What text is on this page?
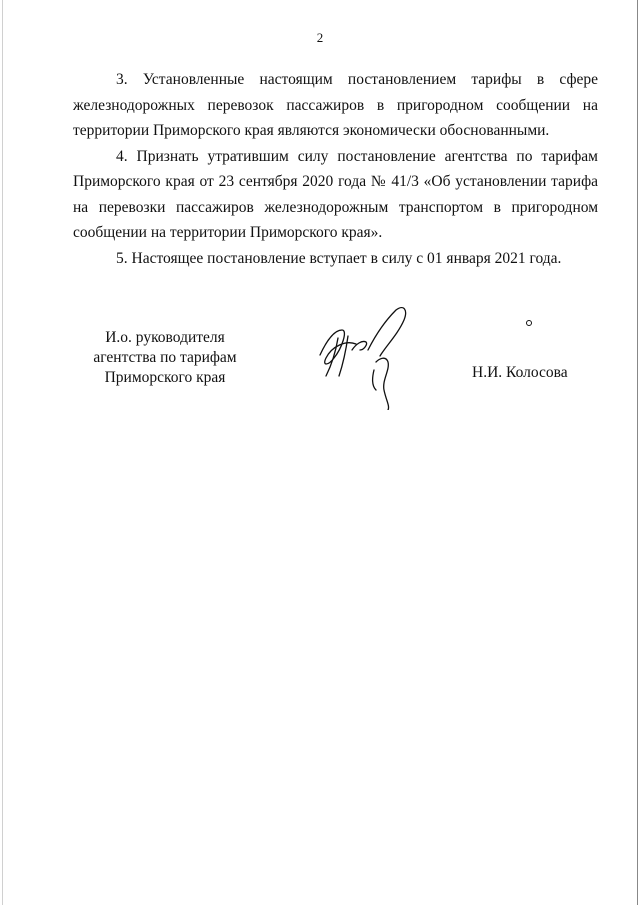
2

3. Установленные настоящим постановлением тарифы в сфере железнодорожных перевозок пассажиров в пригородном сообщении на территории Приморского края являются экономически обоснованными.

4. Признать утратившим силу постановление агентства по тарифам Приморского края от 23 сентября 2020 года № 41/3 «Об установлении тарифа на перевозки пассажиров железнодорожным транспортом в пригородном сообщении на территории Приморского края».

5. Настоящее постановление вступает в силу с 01 января 2021 года.

И.о. руководителя
агентства по тарифам
Приморского края	Н.И. Колосова
